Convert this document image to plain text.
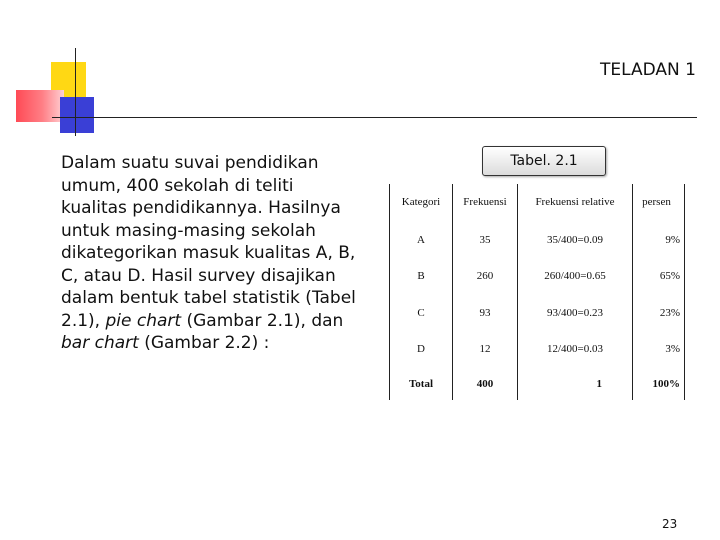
TELADAN 1
Dalam suatu suvai pendidikan umum, 400 sekolah di teliti kualitas pendidikannya. Hasilnya untuk masing-masing sekolah dikategorikan masuk kualitas A, B, C, atau D. Hasil survey disajikan dalam bentuk tabel statistik (Tabel 2.1), pie chart (Gambar 2.1), dan bar chart (Gambar 2.2) :
Tabel. 2.1
Kategori	Frekuensi	Frekuensi relative	persen
A	35	35/400=0.09	9%
B	260	260/400=0.65	65%
C	93	93/400=0.23	23%
D	12	12/400=0.03	3%
Total	400	1	100%
23
